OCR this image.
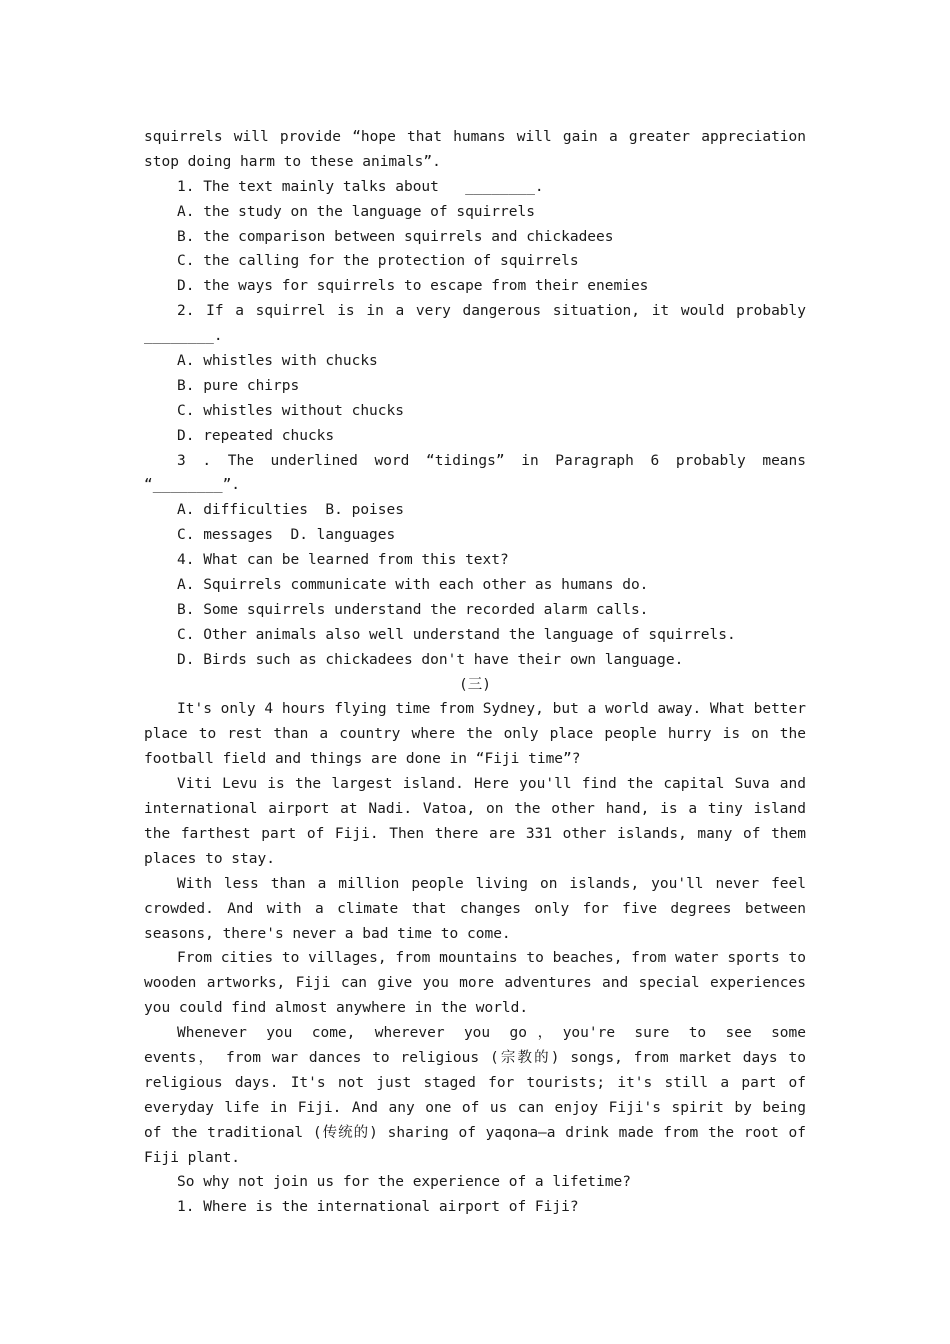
squirrels will provide “hope that humans will gain a greater appreciation
stop doing harm to these animals”.
1. The text mainly talks about   ________.
A. the study on the language of squirrels
B. the comparison between squirrels and chickadees
C. the calling for the protection of squirrels
D. the ways for squirrels to escape from their enemies
2. If a squirrel is in a very dangerous situation, it would probably
________.
A. whistles with chucks
B. pure chirps
C. whistles without chucks
D. repeated chucks
3 . The underlined word “tidings” in Paragraph 6 probably means
“________”.
A. difficulties  B. poises
C. messages  D. languages
4. What can be learned from this text?
A. Squirrels communicate with each other as humans do.
B. Some squirrels understand the recorded alarm calls.
C. Other animals also well understand the language of squirrels.
D. Birds such as chickadees don't have their own language.
(三)
It's only 4 hours flying time from Sydney, but a world away. What better
place to rest than a country where the only place people hurry is on the
football field and things are done in “Fiji time”?
Viti Levu is the largest island. Here you'll find the capital Suva and
international airport at Nadi. Vatoa, on the other hand, is a tiny island
the farthest part of Fiji. Then there are 331 other islands, many of them
places to stay.
With less than a million people living on islands, you'll never feel
crowded. And with a climate that changes only for five degrees between
seasons, there's never a bad time to come.
From cities to villages, from mountains to beaches, from water sports to
wooden artworks, Fiji can give you more adventures and special experiences
you could find almost anywhere in the world.
Whenever you come, wherever you go，you're sure to see some
events， from war dances to religious (宗教的) songs, from market days to
religious days. It's not just staged for tourists; it's still a part of
everyday life in Fiji. And any one of us can enjoy Fiji's spirit by being
of the traditional (传统的) sharing of yaqona—a drink made from the root of
Fiji plant.
So why not join us for the experience of a lifetime?
1. Where is the international airport of Fiji?
